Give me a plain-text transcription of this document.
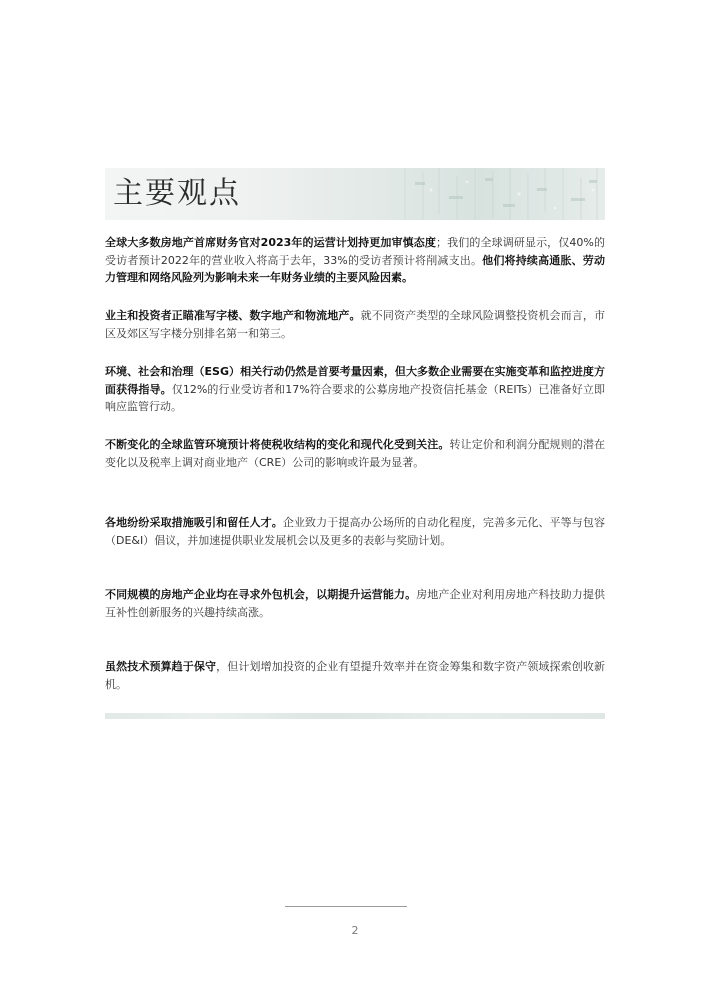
主要观点

全球大多数房地产首席财务官对2023年的运营计划持更加审慎态度；我们的全球调研显示，仅40%的受访者预计2022年的营业收入将高于去年，33%的受访者预计将削减支出。他们将持续高通胀、劳动力管理和网络风险列为影响未来一年财务业绩的主要风险因素。

业主和投资者正瞄准写字楼、数字地产和物流地产。就不同资产类型的全球风险调整投资机会而言，市区及郊区写字楼分别排名第一和第三。

环境、社会和治理（ESG）相关行动仍然是首要考量因素，但大多数企业需要在实施变革和监控进度方面获得指导。仅12%的行业受访者和17%符合要求的公募房地产投资信托基金（REITs）已准备好立即响应监管行动。

不断变化的全球监管环境预计将使税收结构的变化和现代化受到关注。转让定价和利润分配规则的潜在变化以及税率上调对商业地产（CRE）公司的影响或许最为显著。

各地纷纷采取措施吸引和留任人才。企业致力于提高办公场所的自动化程度，完善多元化、平等与包容（DE&I）倡议，并加速提供职业发展机会以及更多的表彰与奖励计划。

不同规模的房地产企业均在寻求外包机会，以期提升运营能力。房地产企业对利用房地产科技助力提供互补性创新服务的兴趣持续高涨。

虽然技术预算趋于保守，但计划增加投资的企业有望提升效率并在资金筹集和数字资产领域探索创收新机。

2
